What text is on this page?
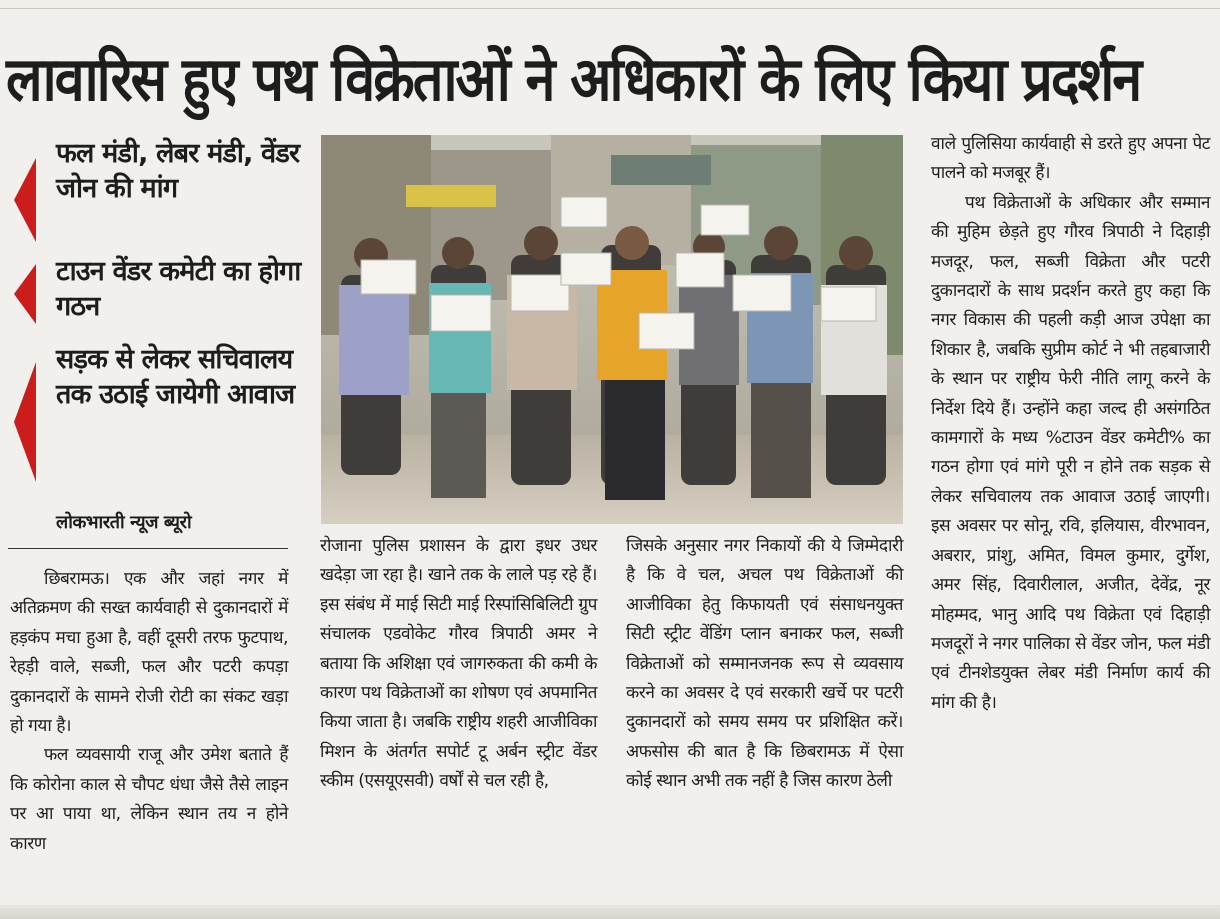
लावारिस हुए पथ विक्रेताओं ने अधिकारों के लिए किया प्रदर्शन
फल मंडी, लेबर मंडी, वेंडर जोन की मांग
टाउन वेंडर कमेटी का होगा गठन
सड़क से लेकर सचिवालय तक उठाई जायेगी आवाज
लोकभारती न्यूज ब्यूरो

छिबरामऊ। एक और जहां नगर में अतिक्रमण की सख्त कार्यवाही से दुकानदारों में हड़कंप मचा हुआ है, वहीं दूसरी तरफ फुटपाथ, रेहड़ी वाले, सब्जी, फल और पटरी कपड़ा दुकानदारों के सामने रोजी रोटी का संकट खड़ा हो गया है।

फल व्यवसायी राजू और उमेश बताते हैं कि कोरोना काल से चौपट धंधा जैसे तैसे लाइन पर आ पाया था, लेकिन स्थान तय न होने कारण

रोजाना पुलिस प्रशासन के द्वारा इधर उधर खदेड़ा जा रहा है। खाने तक के लाले पड़ रहे हैं। इस संबंध में माई सिटी माई रिस्पांसिबिलिटी ग्रुप संचालक एडवोकेट गौरव त्रिपाठी अमर ने बताया कि अशिक्षा एवं जागरुकता की कमी के कारण पथ विक्रेताओं का शोषण एवं अपमानित किया जाता है। जबकि राष्ट्रीय शहरी आजीविका मिशन के अंतर्गत सपोर्ट टू अर्बन स्ट्रीट वेंडर स्कीम (एसयूएसवी) वर्षों से चल रही है,

जिसके अनुसार नगर निकायों की ये जिम्मेदारी है कि वे चल, अचल पथ विक्रेताओं की आजीविका हेतु किफायती एवं संसाधनयुक्त सिटी स्ट्रीट वेंडिंग प्लान बनाकर फल, सब्जी विक्रेताओं को सम्मानजनक रूप से व्यवसाय करने का अवसर दे एवं सरकारी खर्चे पर पटरी दुकानदारों को समय समय पर प्रशिक्षित करें। अफसोस की बात है कि छिबरामऊ में ऐसा कोई स्थान अभी तक नहीं है जिस कारण ठेली

वाले पुलिसिया कार्यवाही से डरते हुए अपना पेट पालने को मजबूर हैं।

पथ विक्रेताओं के अधिकार और सम्मान की मुहिम छेड़ते हुए गौरव त्रिपाठी ने दिहाड़ी मजदूर, फल, सब्जी विक्रेता और पटरी दुकानदारों के साथ प्रदर्शन करते हुए कहा कि नगर विकास की पहली कड़ी आज उपेक्षा का शिकार है, जबकि सुप्रीम कोर्ट ने भी तहबाजारी के स्थान पर राष्ट्रीय फेरी नीति लागू करने के निर्देश दिये हैं। उन्होंने कहा जल्द ही असंगठित कामगारों के मध्य %टाउन वेंडर कमेटी% का गठन होगा एवं मांगे पूरी न होने तक सड़क से लेकर सचिवालय तक आवाज उठाई जाएगी। इस अवसर पर सोनू, रवि, इलियास, वीरभावन, अबरार, प्रांशु, अमित, विमल कुमार, दुर्गेश, अमर सिंह, दिवारीलाल, अजीत, देवेंद्र, नूर मोहम्मद, भानु आदि पथ विक्रेता एवं दिहाड़ी मजदूरों ने नगर पालिका से वेंडर जोन, फल मंडी एवं टीनशेडयुक्त लेबर मंडी निर्माण कार्य की मांग की है।
